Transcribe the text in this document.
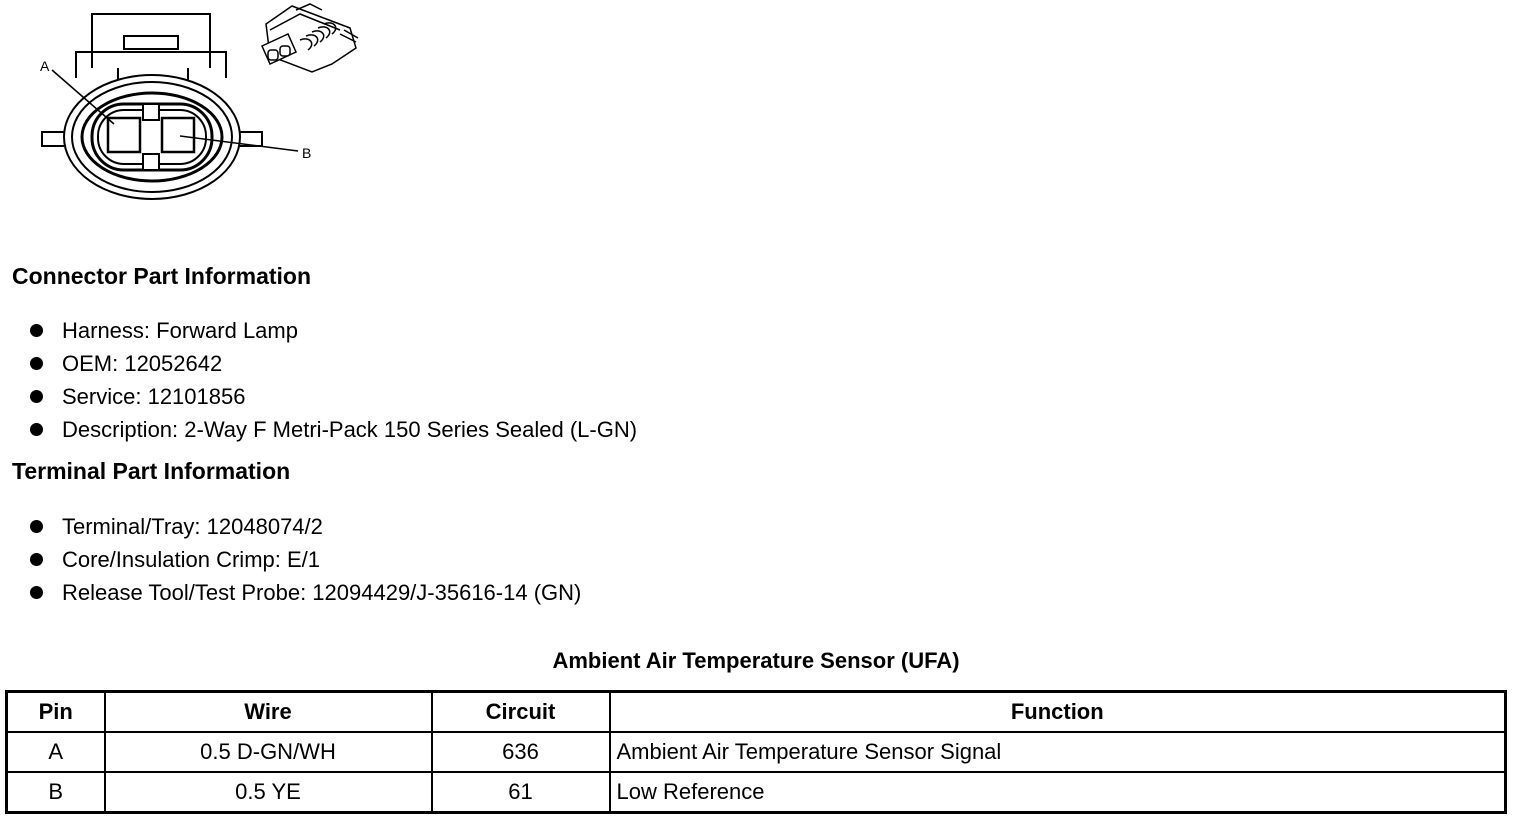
A
B
Connector Part Information
Harness: Forward Lamp
OEM: 12052642
Service: 12101856
Description: 2-Way F Metri-Pack 150 Series Sealed (L-GN)
Terminal Part Information
Terminal/Tray: 12048074/2
Core/Insulation Crimp: E/1
Release Tool/Test Probe: 12094429/J-35616-14 (GN)
Ambient Air Temperature Sensor (UFA)
Pin	Wire	Circuit	Function
A	0.5 D-GN/WH	636	Ambient Air Temperature Sensor Signal
B	0.5 YE	61	Low Reference
